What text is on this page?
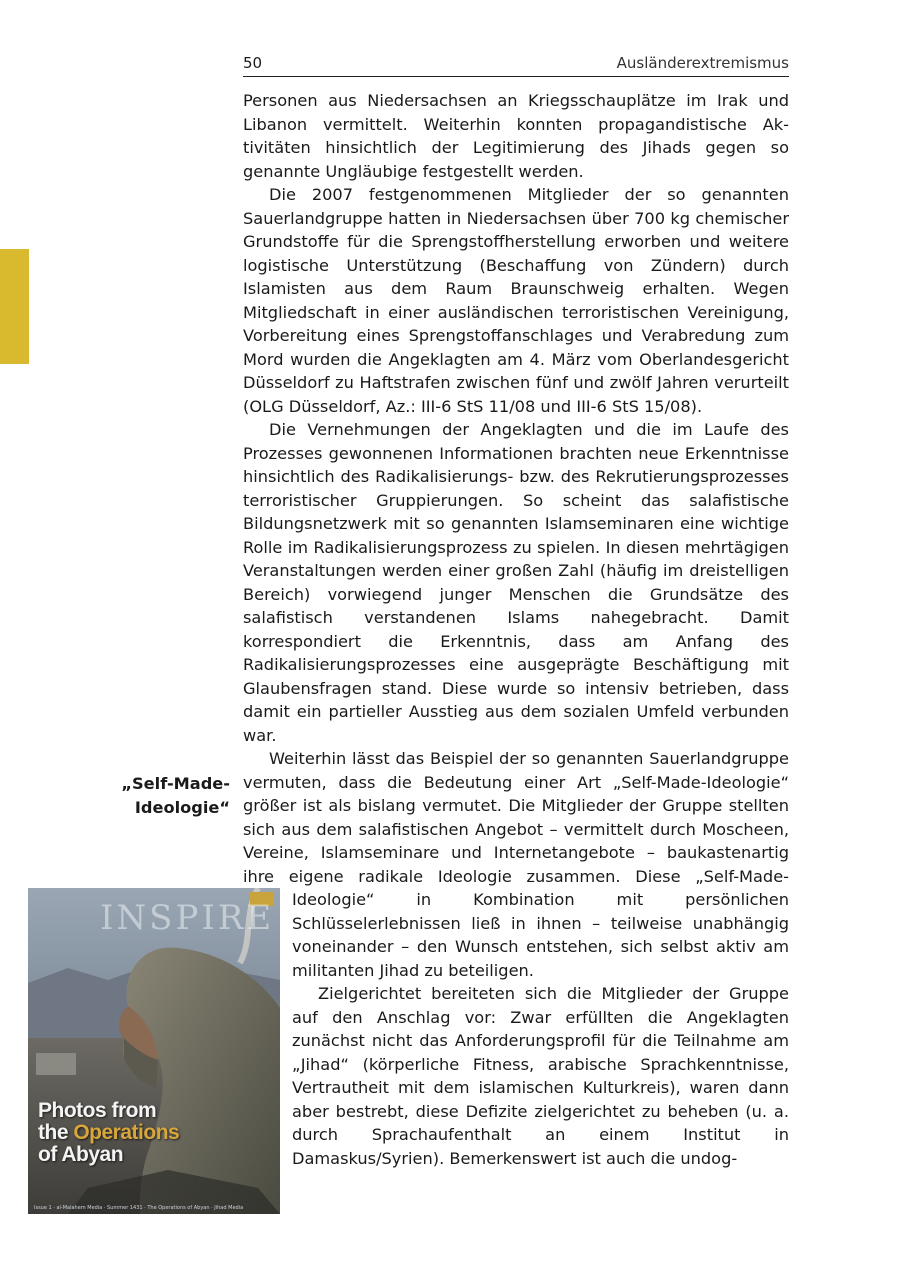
50	Ausländerextremismus
„Self-Made-
Ideologie“

Personen aus Niedersachsen an Kriegsschauplätze im Irak und Libanon vermittelt. Weiterhin konnten propagandistische Aktivitäten hinsichtlich der Legitimierung des Jihads gegen so genannte Ungläubige festgestellt werden.

Die 2007 festgenommenen Mitglieder der so genannten Sauerlandgruppe hatten in Niedersachsen über 700 kg chemischer Grundstoffe für die Sprengstoffherstellung erworben und weitere logistische Unterstützung (Beschaffung von Zündern) durch Islamisten aus dem Raum Braunschweig erhalten. Wegen Mitgliedschaft in einer ausländischen terroristischen Vereinigung, Vorbereitung eines Sprengstoffanschlages und Verabredung zum Mord wurden die Angeklagten am 4. März vom Oberlandesgericht Düsseldorf zu Haftstrafen zwischen fünf und zwölf Jahren verurteilt (OLG Düsseldorf, Az.: III-6 StS 11/08 und III-6 StS 15/08).

Die Vernehmungen der Angeklagten und die im Laufe des Prozesses gewonnenen Informationen brachten neue Erkenntnisse hinsichtlich des Radikalisierungs- bzw. des Rekrutierungsprozesses terroristischer Gruppierungen. So scheint das salafistische Bildungsnetzwerk mit so genannten Islamseminaren eine wichtige Rolle im Radikalisierungsprozess zu spielen. In diesen mehrtägigen Veranstaltungen werden einer großen Zahl (häufig im dreistelligen Bereich) vorwiegend junger Menschen die Grundsätze des salafistisch verstandenen Islams nahegebracht. Damit korrespondiert die Erkenntnis, dass am Anfang des Radikalisierungsprozesses eine ausgeprägte Beschäftigung mit Glaubensfragen stand. Diese wurde so intensiv betrieben, dass damit ein partieller Ausstieg aus dem sozialen Umfeld verbunden war.

Weiterhin lässt das Beispiel der so genannten Sauerlandgruppe vermuten, dass die Bedeutung einer Art „Self-Made-Ideologie“ größer ist als bislang vermutet. Die Mitglieder der Gruppe stellten sich aus dem salafistischen Angebot – vermittelt durch Moscheen, Vereine, Islamseminare und Internetangebote – baukastenartig ihre eigene radikale Ideologie zusammen. Diese „Self-Made-Ideologie“ in Kombination mit persönlichen Schlüsselerlebnissen ließ in ihnen – teilweise unabhängig voneinander – den Wunsch entstehen, sich selbst aktiv am militanten Jihad zu beteiligen.

Zielgerichtet bereiteten sich die Mitglieder der Gruppe auf den Anschlag vor: Zwar erfüllten die Angeklagten zunächst nicht das Anforderungsprofil für die Teilnahme am „Jihad“ (körperliche Fitness, arabische Sprachkenntnisse, Vertrautheit mit dem islamischen Kulturkreis), waren dann aber bestrebt, diese Defizite zielgerichtet zu beheben (u. a. durch Sprachaufenthalt an einem Institut in Damaskus/Syrien). Bemerkenswert ist auch die undog-

INSPIRE
Photos from
the Operations
of Abyan
Issue 1 · al-Malahem Media · Summer 1431 · The Operations of Abyan · Jihad Media
